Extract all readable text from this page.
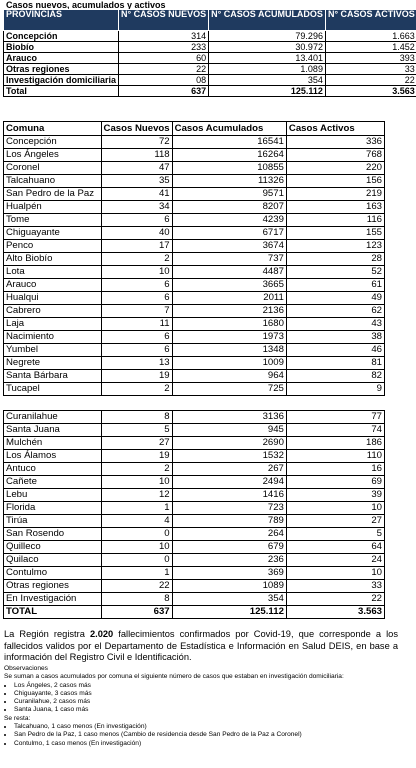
Casos nuevos, acumulados y activos
PROVINCIAS	N° CASOS NUEVOS	N° CASOS ACUMULADOS	N° CASOS ACTIVOS
Concepción	314	79.296	1.663
Biobío	233	30.972	1.452
Arauco	60	13.401	393
Otras regiones	22	1.089	33
Investigación domiciliaria	08	354	22
Total	637	125.112	3.563
Comuna	Casos Nuevos	Casos Acumulados	Casos Activos
Concepción	72	16541	336
Los Ángeles	118	16264	768
Coronel	47	10855	220
Talcahuano	35	11326	156
San Pedro de la Paz	41	9571	219
Hualpén	34	8207	163
Tome	6	4239	116
Chiguayante	40	6717	155
Penco	17	3674	123
Alto Biobío	2	737	28
Lota	10	4487	52
Arauco	6	3665	61
Hualqui	6	2011	49
Cabrero	7	2136	62
Laja	11	1680	43
Nacimiento	6	1973	38
Yumbel	6	1348	46
Negrete	13	1009	81
Santa Bárbara	19	964	82
Tucapel	2	725	9

Curanilahue	8	3136	77
Santa Juana	5	945	74
Mulchén	27	2690	186
Los Álamos	19	1532	110
Antuco	2	267	16
Cañete	10	2494	69
Lebu	12	1416	39
Florida	1	723	10
Tirúa	4	789	27
San Rosendo	0	264	5
Quilleco	10	679	64
Quilaco	0	236	24
Contulmo	1	369	10
Otras regiones	22	1089	33
En Investigación	8	354	22
TOTAL	637	125.112	3.563
La Región registra 2.020 fallecimientos confirmados por Covid-19, que corresponde a los fallecidos validos por el Departamento de Estadística e Información en Salud DEIS, en base a información del Registro Civil e Identificación.
Observaciones
Se suman a casos acumulados por comuna el siguiente número de casos que estaban en investigación domiciliaria:
• Los Ángeles, 2 casos más
• Chiguayante, 3 casos más
• Curanilahue, 2 casos más
• Santa Juana, 1 caso más
Se resta:
• Talcahuano, 1 caso menos (En investigación)
• San Pedro de la Paz, 1 caso menos (Cambio de residencia desde San Pedro de la Paz a Coronel)
• Contulmo, 1 caso menos (En investigación)
